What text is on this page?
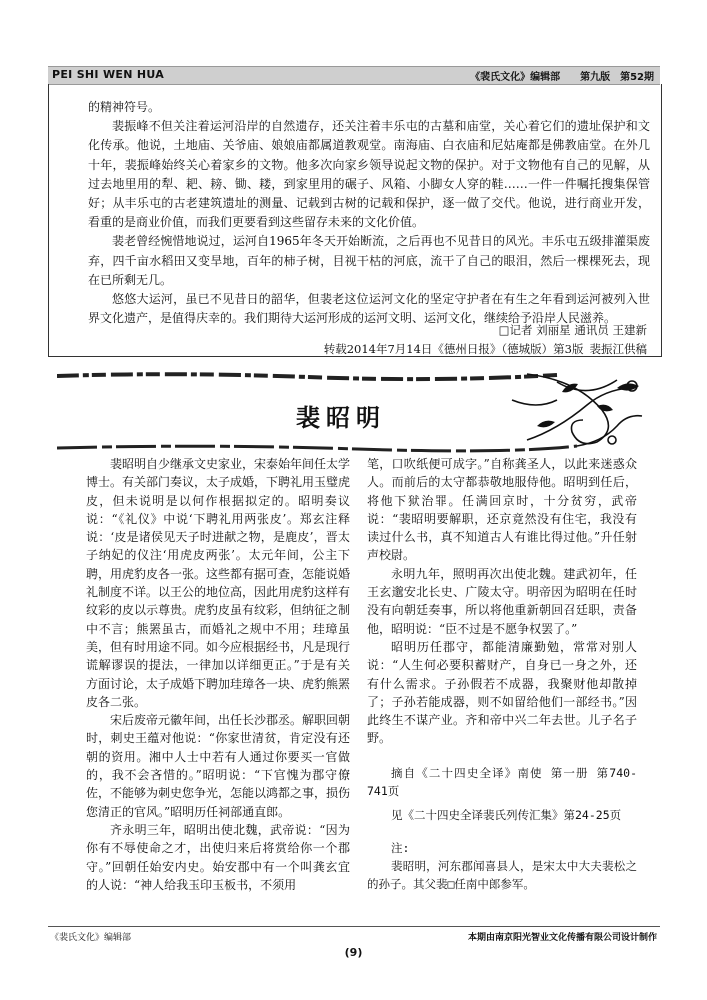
PEI SHI WEN HUA	《裴氏文化》编辑部　　第九版　第52期

的精神符号。

裴振峰不但关注着运河沿岸的自然遗存，还关注着丰乐屯的古墓和庙堂，关心着它们的遗址保护和文化传承。他说，土地庙、关爷庙、娘娘庙都属道教观堂。南海庙、白衣庙和尼姑庵都是佛教庙堂。在外几十年，裴振峰始终关心着家乡的文物。他多次向家乡领导说起文物的保护。对于文物他有自己的见解，从过去地里用的犁、耙、耪、锄、耧，到家里用的碾子、风箱、小脚女人穿的鞋……一件一件嘱托搜集保管好；从丰乐屯的古老建筑遗址的测量、记载到古树的记载和保护，逐一做了交代。他说，进行商业开发，看重的是商业价值，而我们更要看到这些留存未来的文化价值。

裴老曾经惋惜地说过，运河自1965年冬天开始断流，之后再也不见昔日的风光。丰乐屯五级排灌渠废弃，四千亩水稻田又变旱地，百年的柿子树，目视干枯的河底，流干了自己的眼泪，然后一棵棵死去，现在已所剩无几。

悠悠大运河，虽已不见昔日的韶华，但裴老这位运河文化的坚定守护者在有生之年看到运河被列入世界文化遗产，是值得庆幸的。我们期待大运河形成的运河文明、运河文化，继续给予沿岸人民滋养。

□记者 刘丽星 通讯员 王建新
转载2014年7月14日《德州日报》（德城版）第3版 裴振江供稿
裴昭明

裴昭明自少继承文史家业，宋泰始年间任太学博士。有关部门奏议，太子成婚，下聘礼用玉璧虎皮，但未说明是以何作根据拟定的。昭明奏议说：“《礼仪》中说‘下聘礼用两张皮’。郑玄注释说：‘皮是诸侯见天子时进献之物，是鹿皮’，晋太子纳妃的仪注‘用虎皮两张’。太元年间，公主下聘，用虎豹皮各一张。这些都有据可查，怎能说婚礼制度不详。以王公的地位高，因此用虎豹这样有纹彩的皮以示尊贵。虎豹皮虽有纹彩，但纳征之制中不言；熊罴虽古，而婚礼之规中不用；珪璋虽美，但有时用途不同。如今应根据经书，凡是现行谎解谬误的提法，一律加以详细更正。”于是有关方面讨论，太子成婚下聘加珪璋各一块、虎豹熊罴皮各二张。

宋后废帝元徽年间，出任长沙郡丞。解职回朝时，刺史王蕴对他说：“你家世清贫，肯定没有还朝的资用。湘中人士中若有人通过你要买一官做的，我不会吝惜的。”昭明说：“下官愧为郡守僚佐，不能够为刺史您争光，怎能以鸿都之事，损伤您清正的官风。”昭明历任祠部通直郎。

齐永明三年，昭明出使北魏，武帝说：“因为你有不辱使命之才，出使归来后将赏给你一个郡守。”回朝任始安内史。始安郡中有一个叫龚玄宜的人说：“神人给我玉印玉板书，不须用

笔，口吹纸便可成字。”自称龚圣人，以此来迷惑众人。而前后的太守都恭敬地服侍他。昭明到任后，将他下狱治罪。任满回京时，十分贫穷，武帝说：“裴昭明要解职，还京竟然没有住宅，我没有读过什么书，真不知道古人有谁比得过他。”升任射声校尉。

永明九年，照明再次出使北魏。建武初年，任王玄邈安北长史、广陵太守。明帝因为昭明在任时没有向朝廷奏事，所以将他重新朝回召廷职，责备他，昭明说：“臣不过是不愿争权罢了。”

昭明历任郡守，都能清廉勤勉，常常对别人说：“人生何必要积蓄财产，自身已一身之外，还有什么需求。子孙假若不成器，我聚财他却散掉了；子孙若能成器，则不如留给他们一部经书。”因此终生不谋产业。齐和帝中兴二年去世。儿子名子野。

摘自《二十四史全译》南使 第一册 第740-741页

见《二十四史全译裴氏列传汇集》第24-25页

注:

裴昭明，河东郡闻喜县人，是宋太中大夫裴松之的孙子。其父裴□任南中郎参军。

《裴氏文化》编辑部	本期由南京阳光智业文化传播有限公司设计制作
(9)
